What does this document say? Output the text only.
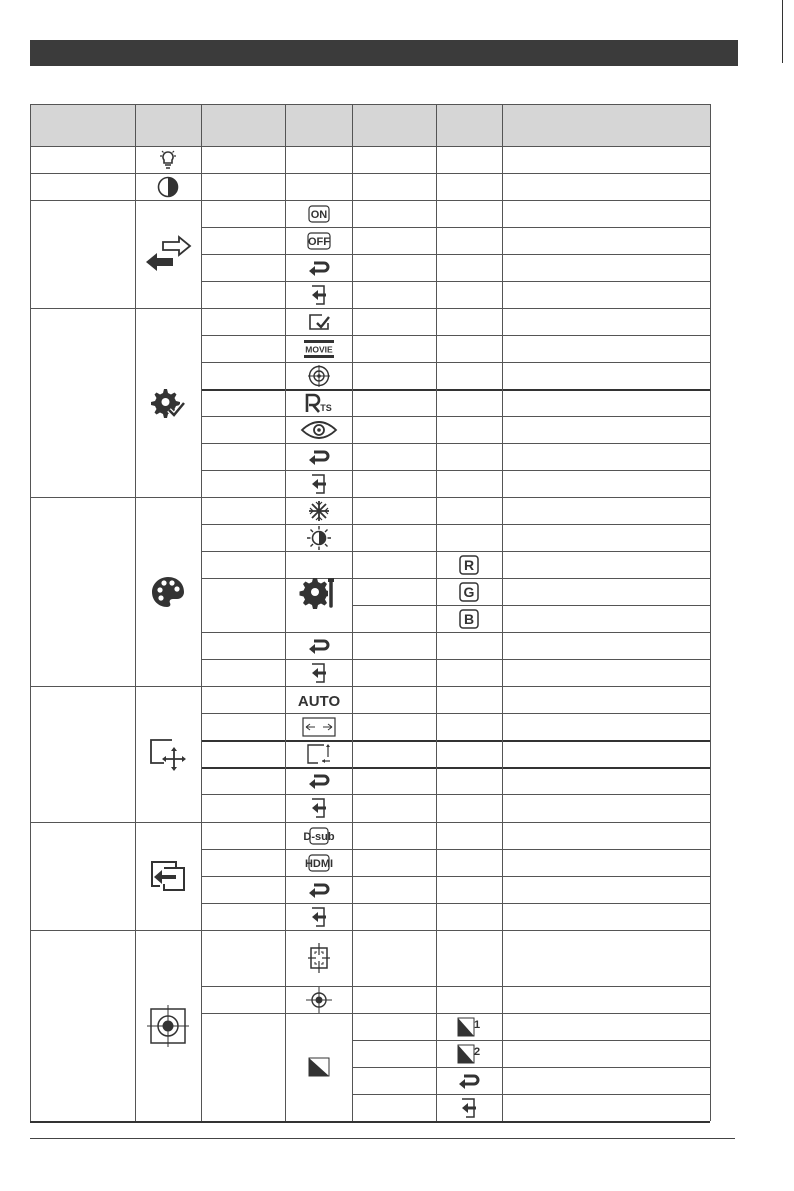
ON
OFF
MOVIE
TS
AUTO
D-sub
HDMI
R
G
B
1
2
